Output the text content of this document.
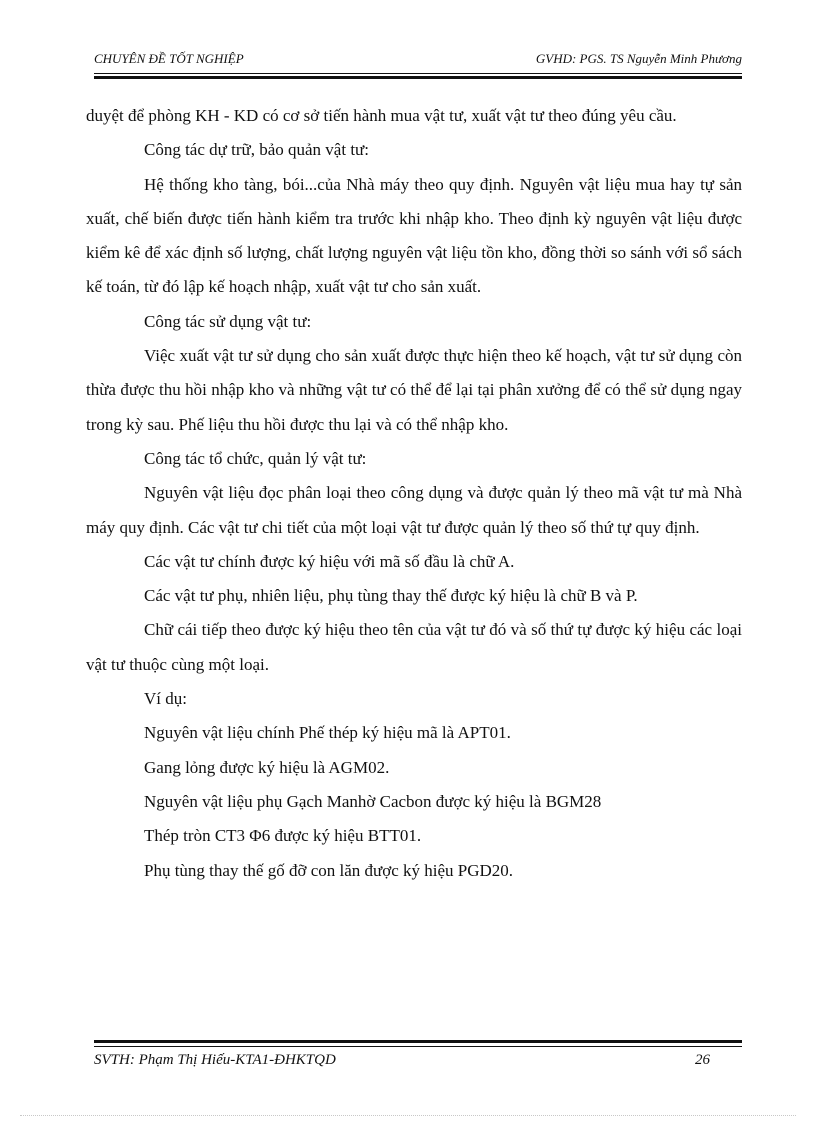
CHUYÊN ĐỀ TỐT NGHIỆP	GVHD: PGS. TS Nguyễn Minh Phương

duyệt để phòng KH - KD có cơ sở tiến hành mua vật tư, xuất vật tư theo đúng yêu cầu.

Công tác dự trữ, bảo quản vật tư:

Hệ thống kho tàng, bói...của Nhà máy theo quy định. Nguyên vật liệu mua hay tự sản xuất, chế biến được tiến hành kiểm tra trước khi nhập kho. Theo định kỳ nguyên vật liệu được kiểm kê để xác định số lượng, chất lượng nguyên vật liệu tồn kho, đồng thời so sánh với sổ sách kế toán, từ đó lập kế hoạch nhập, xuất vật tư cho sản xuất.

Công tác sử dụng vật tư:

Việc xuất vật tư sử dụng cho sản xuất được thực hiện theo kế hoạch, vật tư sử dụng còn thừa được thu hồi nhập kho và những vật tư có thể để lại tại phân xưởng để có thể sử dụng ngay trong kỳ sau. Phế liệu thu hồi được thu lại và có thể nhập kho.

Công tác tổ chức, quản lý vật tư:

Nguyên vật liệu đọc phân loại theo công dụng và được quản lý theo mã vật tư mà Nhà máy quy định. Các vật tư chi tiết của một loại vật tư được quản lý theo số thứ tự quy định.

Các vật tư chính được ký hiệu với mã số đầu là chữ A.

Các vật tư phụ, nhiên liệu, phụ tùng thay thế được ký hiệu là chữ B và P.

Chữ cái tiếp theo được ký hiệu theo tên của vật tư đó và số thứ tự được ký hiệu các loại vật tư thuộc cùng một loại.

Ví dụ:

Nguyên vật liệu chính Phế thép ký hiệu mã là APT01.

Gang lỏng được ký hiệu là AGM02.

Nguyên vật liệu phụ Gạch Manhờ Cacbon được ký hiệu là BGM28

Thép tròn CT3 Φ6 được ký hiệu BTT01.

Phụ tùng thay thế gố đỡ con lăn được ký hiệu PGD20.

SVTH: Phạm Thị Hiếu-KTA1-ĐHKTQD	26
